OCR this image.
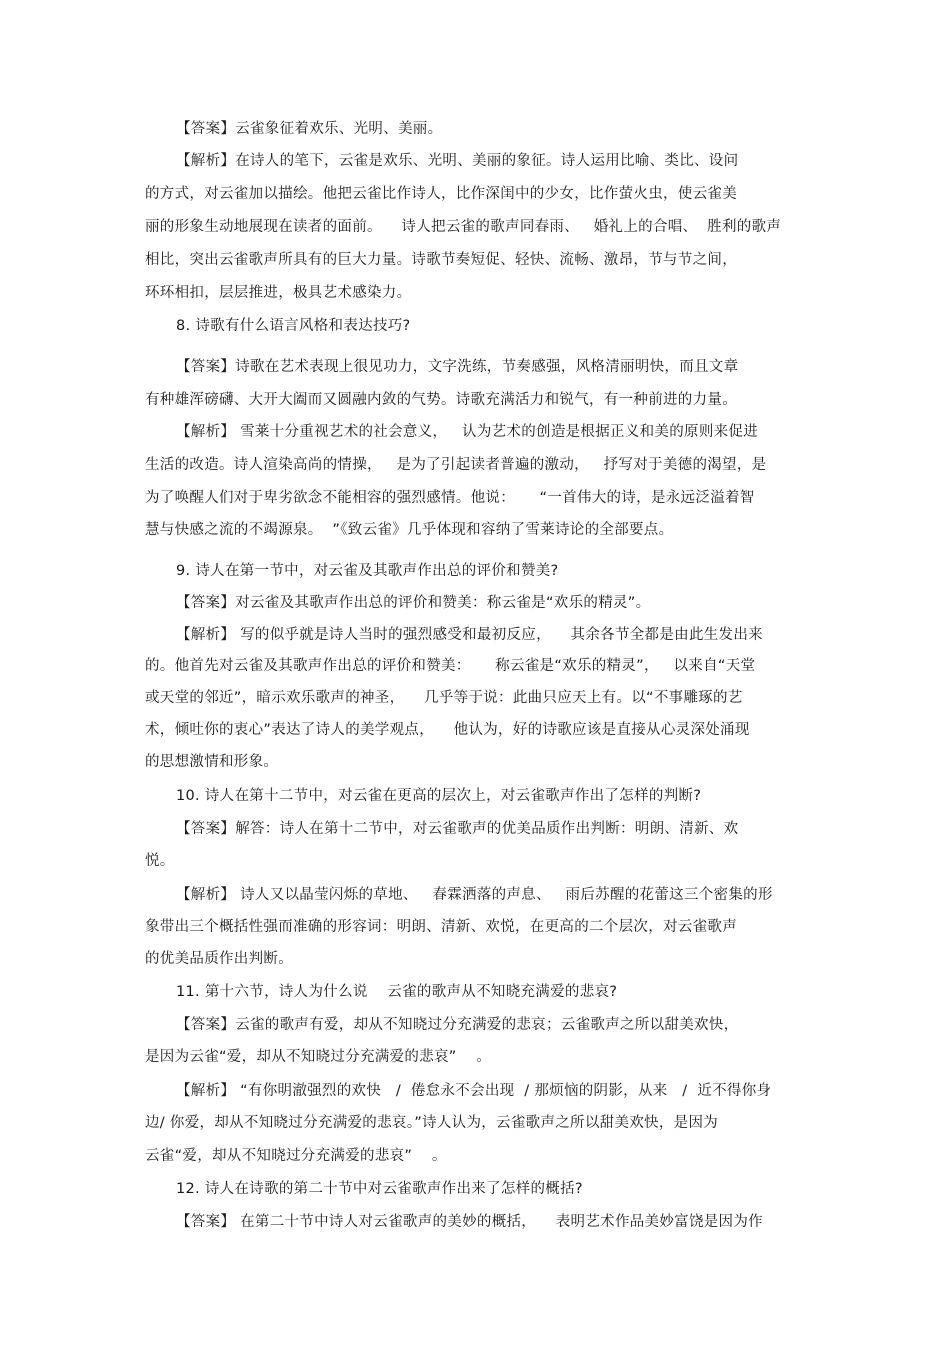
【答案】云雀象征着欢乐、光明、美丽。
【解析】在诗人的笔下，云雀是欢乐、光明、美丽的象征。诗人运用比喻、类比、设问
的方式，对云雀加以描绘。他把云雀比作诗人，比作深闺中的少女，比作萤火虫，使云雀美
丽的形象生动地展现在读者的面前。    诗人把云雀的歌声同春雨、   婚礼上的合唱、  胜利的歌声
相比，突出云雀歌声所具有的巨大力量。诗歌节奏短促、轻快、流畅、激昂，节与节之间，
环环相扣，层层推进，极具艺术感染力。
8. 诗歌有什么语言风格和表达技巧?
【答案】诗歌在艺术表现上很见功力，文字洗练，节奏感强，风格清丽明快，而且文章
有种雄浑磅礴、大开大阖而又圆融内敛的气势。诗歌充满活力和锐气，有一种前进的力量。
【解析】 雪莱十分重视艺术的社会意义，   认为艺术的创造是根据正义和美的原则来促进
生活的改造。诗人渲染高尚的情操，   是为了引起读者普遍的激动，   抒写对于美德的渴望，是
为了唤醒人们对于卑劣欲念不能相容的强烈感情。他说：     “一首伟大的诗，是永远泛溢着智
慧与快感之流的不竭源泉。  ”《致云雀》几乎体现和容纳了雪莱诗论的全部要点。
9. 诗人在第一节中，对云雀及其歌声作出总的评价和赞美?
【答案】对云雀及其歌声作出总的评价和赞美：称云雀是“欢乐的精灵”。
【解析】 写的似乎就是诗人当时的强烈感受和最初反应，    其余各节全都是由此生发出来
的。他首先对云雀及其歌声作出总的评价和赞美：     称云雀是“欢乐的精灵”，   以来自“天堂
或天堂的邻近”，暗示欢乐歌声的神圣，    几乎等于说：此曲只应天上有。以“不事雕琢的艺
术，倾吐你的衷心”表达了诗人的美学观点，    他认为，好的诗歌应该是直接从心灵深处涌现
的思想激情和形象。
10. 诗人在第十二节中，对云雀在更高的层次上，对云雀歌声作出了怎样的判断?
【答案】解答：诗人在第十二节中，对云雀歌声的优美品质作出判断：明朗、清新、欢
悦。
【解析】 诗人又以晶莹闪烁的草地、   春霖洒落的声息、   雨后苏醒的花蕾这三个密集的形
象带出三个概括性强而准确的形容词：明朗、清新、欢悦，在更高的二个层次，对云雀歌声
的优美品质作出判断。
11. 第十六节，诗人为什么说    云雀的歌声从不知晓充满爱的悲哀?
【答案】云雀的歌声有爱，却从不知晓过分充满爱的悲哀；云雀歌声之所以甜美欢快，
是因为云雀“爱，却从不知晓过分充满爱的悲哀”    。
【解析】 “有你明澈强烈的欢快   /  倦怠永不会出现  / 那烦恼的阴影，从来   /  近不得你身
边/ 你爱，却从不知晓过分充满爱的悲哀。”诗人认为，云雀歌声之所以甜美欢快，是因为
云雀“爱，却从不知晓过分充满爱的悲哀”    。
12. 诗人在诗歌的第二十节中对云雀歌声作出来了怎样的概括?
【答案】 在第二十节中诗人对云雀歌声的美妙的概括，    表明艺术作品美妙富饶是因为作
